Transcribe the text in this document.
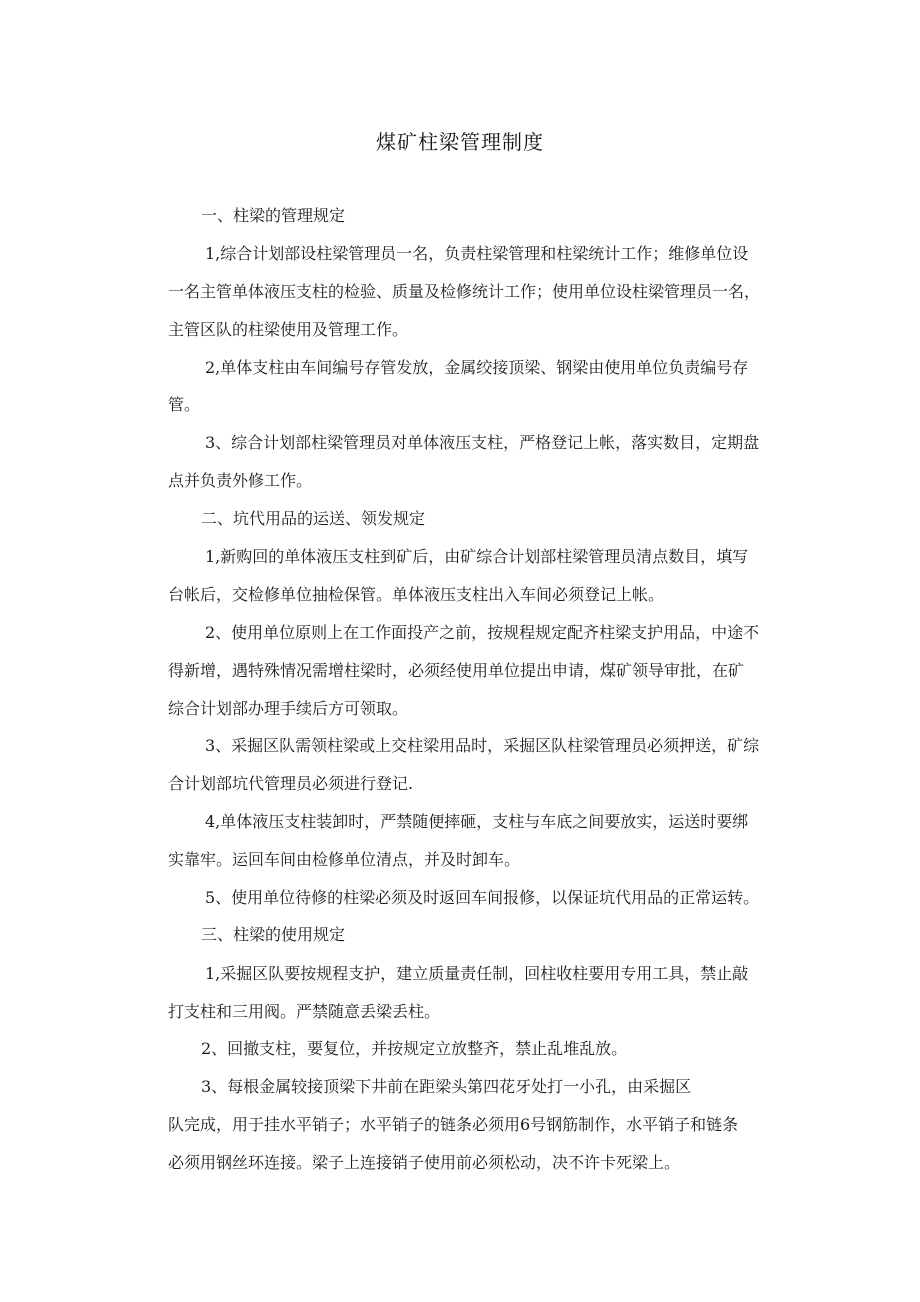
煤矿柱梁管理制度
一、柱梁的管理规定
1,综合计划部设柱梁管理员一名，负责柱梁管理和柱梁统计工作；维修单位设
一名主管单体液压支柱的检验、质量及检修统计工作；使用单位设柱梁管理员一名，
主管区队的柱梁使用及管理工作。
2,单体支柱由车间编号存管发放，金属绞接顶梁、钢梁由使用单位负责编号存
管。
3、综合计划部柱梁管理员对单体液压支柱，严格登记上帐，落实数目，定期盘
点并负责外修工作。
二、坑代用品的运送、领发规定
1,新购回的单体液压支柱到矿后，由矿综合计划部柱梁管理员清点数目，填写
台帐后，交检修单位抽检保管。单体液压支柱出入车间必须登记上帐。
2、使用单位原则上在工作面投产之前，按规程规定配齐柱梁支护用品，中途不
得新增，遇特殊情况需增柱梁时，必须经使用单位提出申请，煤矿领导审批，在矿
综合计划部办理手续后方可领取。
3、采掘区队需领柱梁或上交柱梁用品时，采掘区队柱梁管理员必须押送，矿综
合计划部坑代管理员必须进行登记.
4,单体液压支柱装卸时，严禁随便摔砸，支柱与车底之间要放实，运送时要绑
实靠牢。运回车间由检修单位清点，并及时卸车。
5、使用单位待修的柱梁必须及时返回车间报修，以保证坑代用品的正常运转。
三、柱梁的使用规定
1,采掘区队要按规程支护，建立质量责任制，回柱收柱要用专用工具，禁止敲
打支柱和三用阀。严禁随意丢梁丢柱。
2、回撤支柱，要复位，并按规定立放整齐，禁止乱堆乱放。
3、每根金属较接顶梁下井前在距梁头第四花牙处打一小孔，由采掘区
队完成，用于挂水平销子；水平销子的链条必须用6号钢筋制作，水平销子和链条
必须用钢丝环连接。梁子上连接销子使用前必须松动，决不许卡死梁上。
